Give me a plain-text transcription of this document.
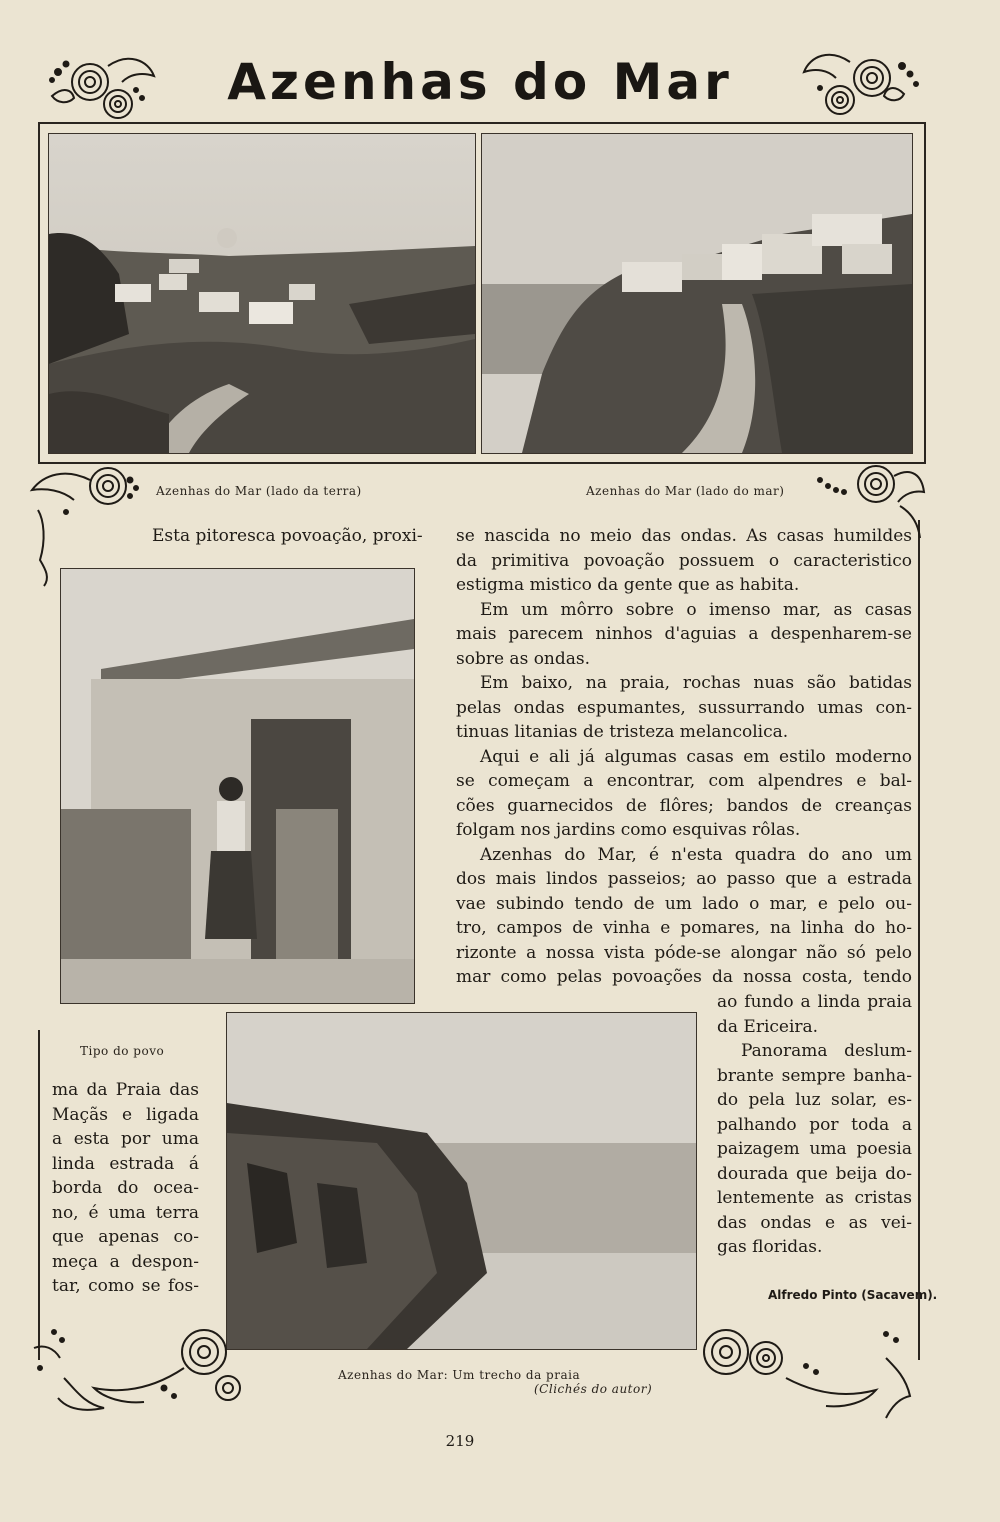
Azenhas do Mar
Azenhas do Mar (lado da terra)	Azenhas do Mar (lado do mar)
Esta pitoresca povoação, proxi-
Tipo do povo
ma da Praia das
Maçãs e ligada
a esta por uma
linda estrada á
borda do ocea-
no, é uma terra
que apenas co-
meça a despon-
tar, como se fos-
se nascida no meio das ondas. As casas humildes
da primitiva povoação possuem o caracteristico
estigma mistico da gente que as habita.
Em um môrro sobre o imenso mar, as casas
mais parecem ninhos d'aguias a despenharem-se
sobre as ondas.
Em baixo, na praia, rochas nuas são batidas
pelas ondas espumantes, sussurrando umas con-
tinuas litanias de tristeza melancolica.
Aqui e ali já algumas casas em estilo moderno
se começam a encontrar, com alpendres e bal-
cões guarnecidos de flôres; bandos de creanças
folgam nos jardins como esquivas rôlas.
Azenhas do Mar, é n'esta quadra do ano um
dos mais lindos passeios; ao passo que a estrada
vae subindo tendo de um lado o mar, e pelo ou-
tro, campos de vinha e pomares, na linha do ho-
rizonte a nossa vista póde-se alongar não só pelo
mar como pelas povoações da nossa costa, tendo
ao fundo a linda praia
da Ericeira.
Panorama deslum-
brante sempre banha-
do pela luz solar, es-
palhando por toda a
paizagem uma poesia
dourada que beija do-
lentemente as cristas
das ondas e as vei-
gas floridas.
Alfredo Pinto (Sacavem).
Azenhas do Mar: Um trecho da praia
(Clichés do autor)
219
